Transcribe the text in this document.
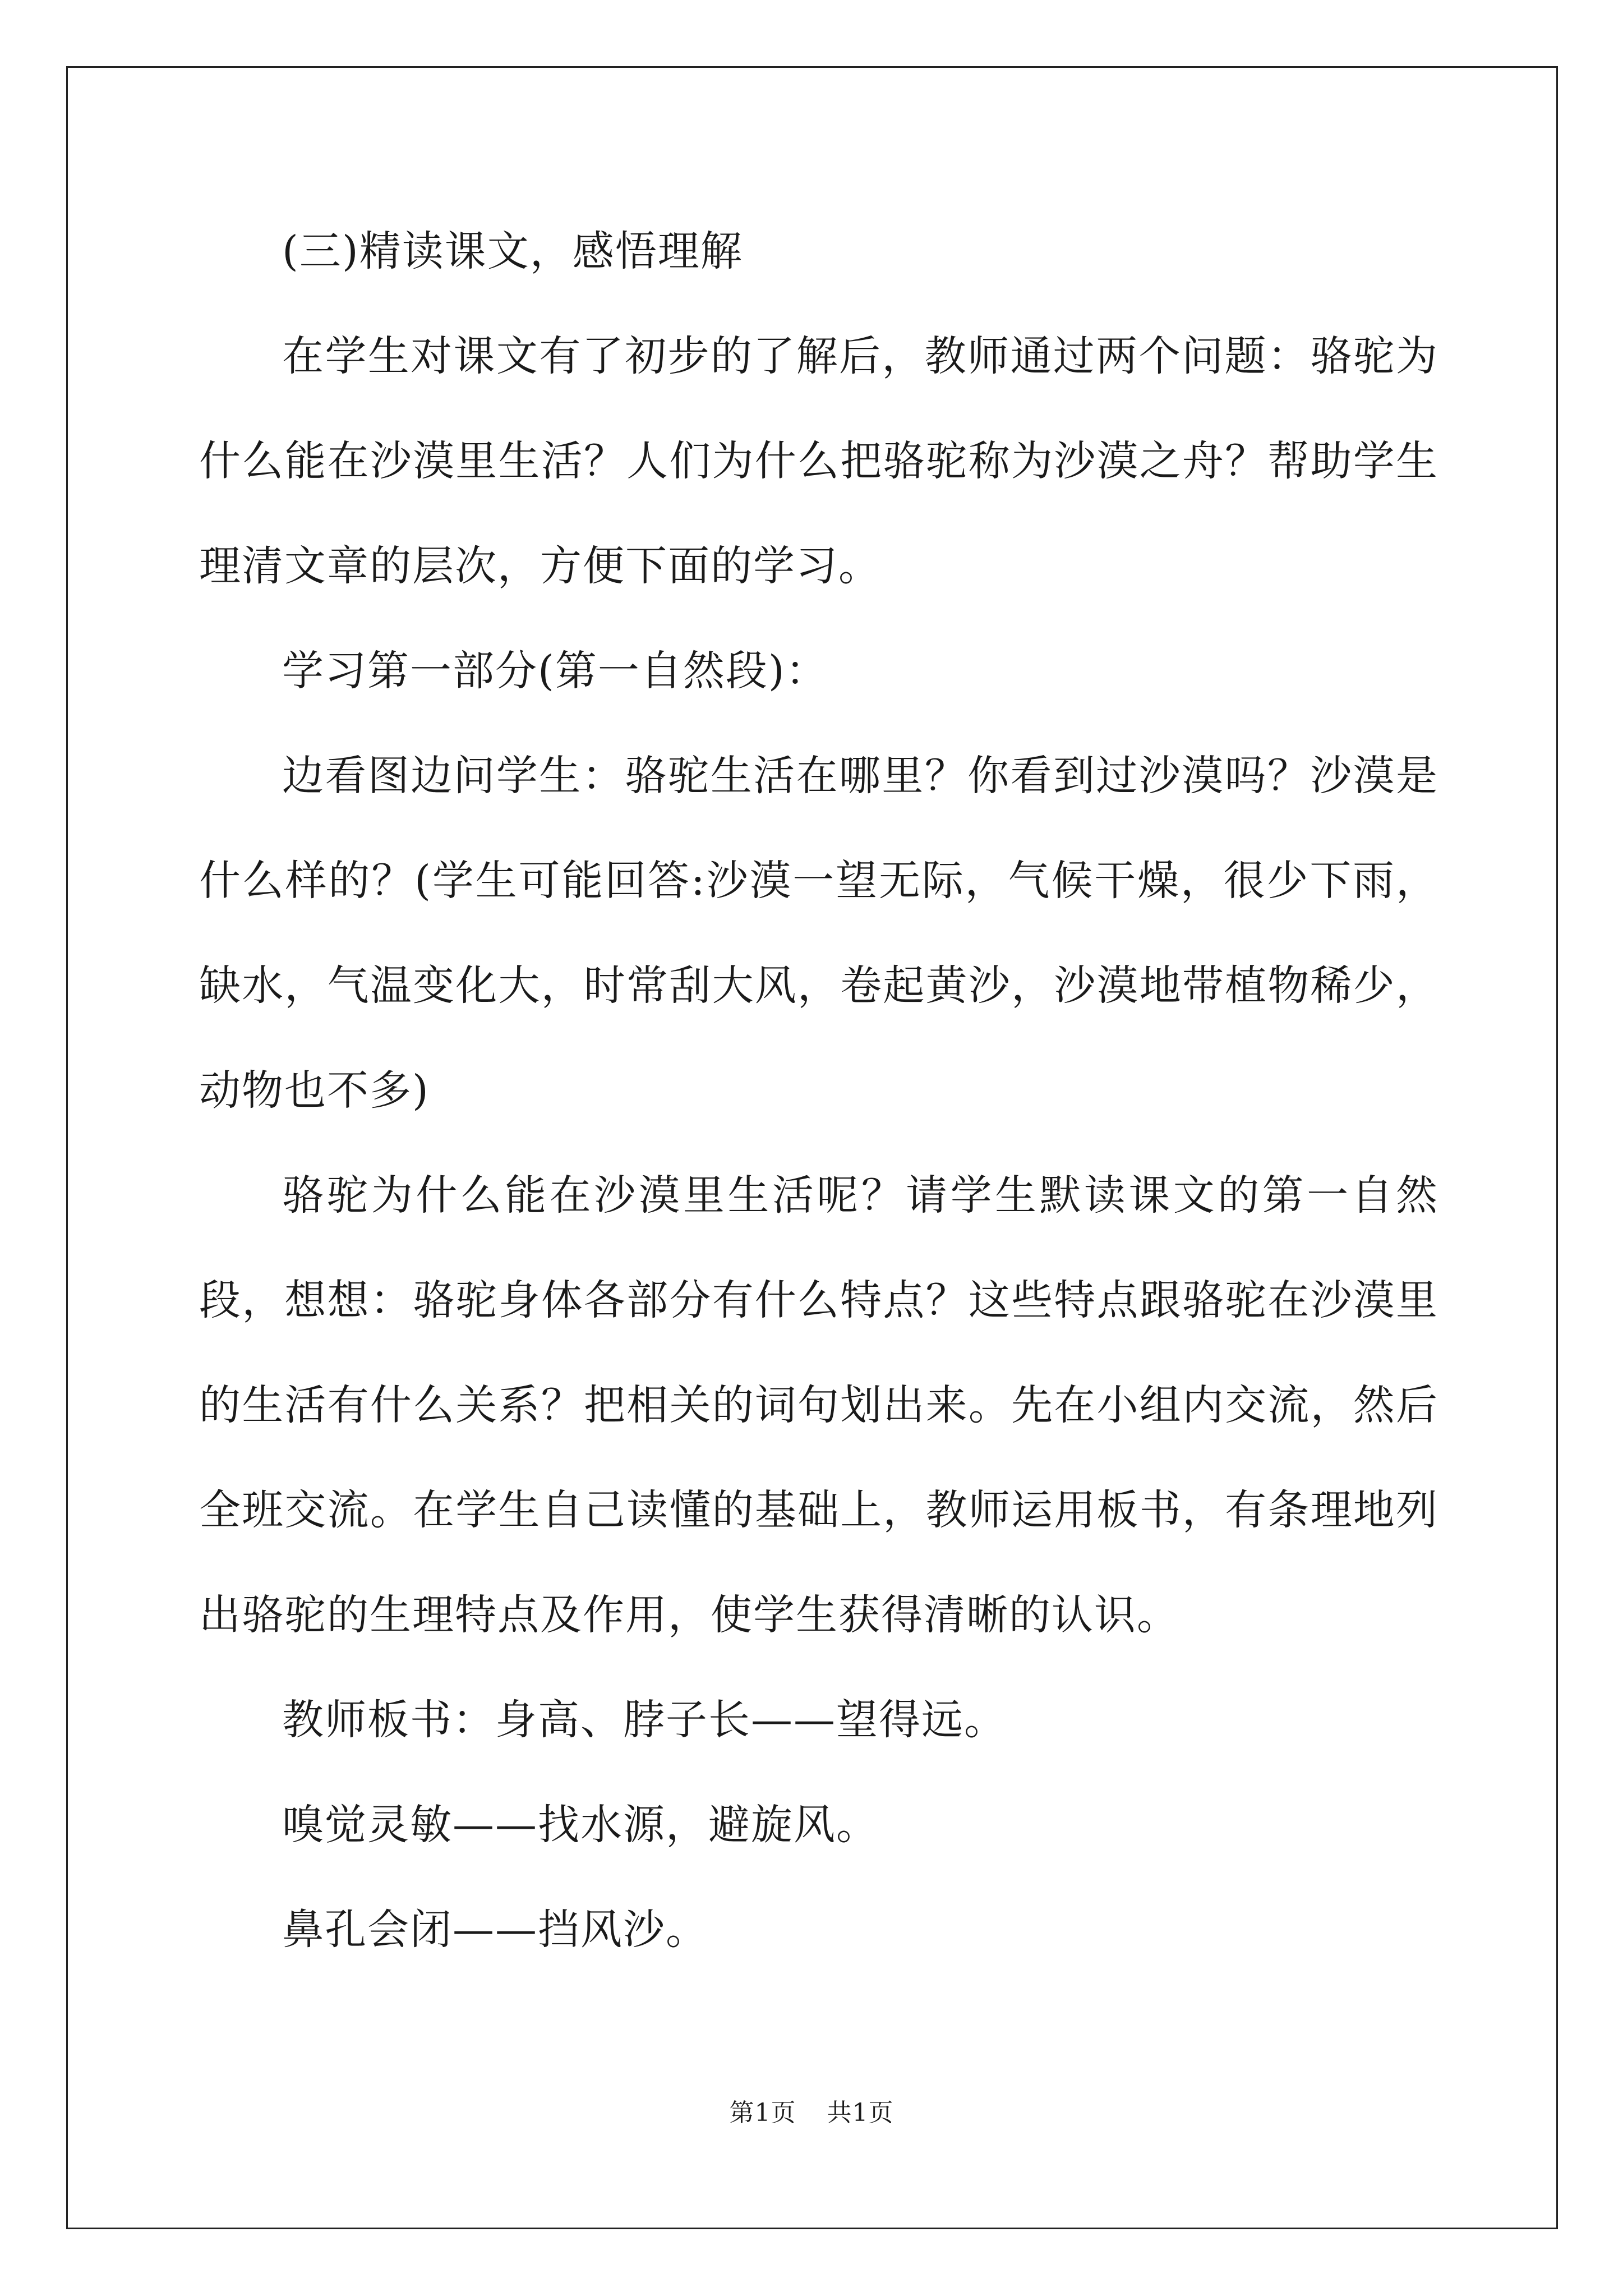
(三)精读课文，感悟理解

在学生对课文有了初步的了解后，教师通过两个问题：骆驼为什么能在沙漠里生活？人们为什么把骆驼称为沙漠之舟？帮助学生理清文章的层次，方便下面的学习。

学习第一部分(第一自然段)：

边看图边问学生：骆驼生活在哪里？你看到过沙漠吗？沙漠是什么样的？(学生可能回答:沙漠一望无际，气候干燥，很少下雨，缺水，气温变化大，时常刮大风，卷起黄沙，沙漠地带植物稀少，动物也不多)

骆驼为什么能在沙漠里生活呢？请学生默读课文的第一自然段，想想：骆驼身体各部分有什么特点？这些特点跟骆驼在沙漠里的生活有什么关系？把相关的词句划出来。先在小组内交流，然后全班交流。在学生自己读懂的基础上，教师运用板书，有条理地列出骆驼的生理特点及作用，使学生获得清晰的认识。

教师板书：身高、脖子长——望得远。

嗅觉灵敏——找水源，避旋风。

鼻孔会闭——挡风沙。

第1页 共1页
